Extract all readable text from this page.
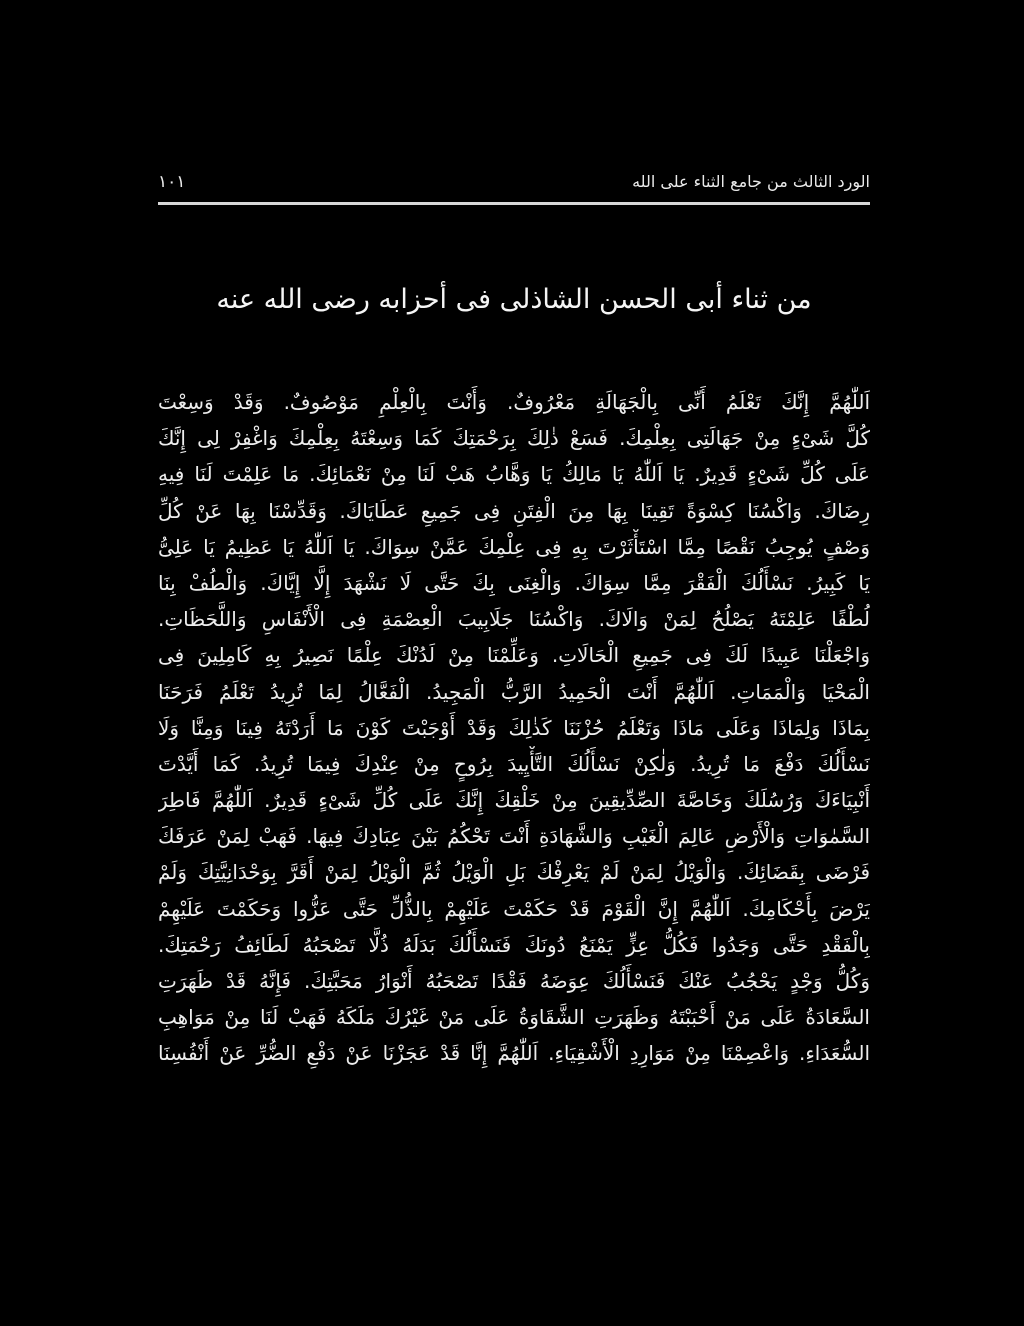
الورد الثالث من جامع الثناء على الله
١٠١
من ثناء أبى الحسن الشاذلى فى أحزابه رضى الله عنه
اَللّٰهُمَّ إِنَّكَ تَعْلَمُ أَنِّى بِالْجَهَالَةِ مَعْرُوفٌ. وَأَنْتَ بِالْعِلْمِ مَوْصُوفٌ. وَقَدْ وَسِعْتَ
كُلَّ شَىْءٍ مِنْ جَهَالَتِى بِعِلْمِكَ. فَسَعْ ذٰلِكَ بِرَحْمَتِكَ كَمَا وَسِعْتَهُ بِعِلْمِكَ وَاغْفِرْ لِى إِنَّكَ
عَلَى كُلِّ شَىْءٍ قَدِيرٌ. يَا اَللّٰهُ يَا مَالِكُ يَا وَهَّابُ هَبْ لَنَا مِنْ نَعْمَائِكَ. مَا عَلِمْتَ لَنَا فِيهِ
رِضَاكَ. وَاكْسُنَا كِسْوَةً تَقِينَا بِهَا مِنَ الْفِتَنِ فِى جَمِيعِ عَطَايَاكَ. وَقَدِّسْنَا بِهَا عَنْ كُلِّ
وَصْفٍ يُوجِبُ نَقْصًا مِمَّا اسْتَأْثَرْتَ بِهِ فِى عِلْمِكَ عَمَّنْ سِوَاكَ. يَا اَللّٰهُ يَا عَظِيمُ يَا عَلِىُّ
يَا كَبِيرُ. نَسْأَلُكَ الْفَقْرَ مِمَّا سِوَاكَ. وَالْغِنَى بِكَ حَتَّى لَا نَشْهَدَ إِلَّا إِيَّاكَ. وَالْطُفْ بِنَا
لُطْفًا عَلِمْتَهُ يَصْلُحُ لِمَنْ وَالَاكَ. وَاكْسُنَا جَلَابِيبَ الْعِصْمَةِ فِى الْأَنْفَاسِ وَاللَّحَظَاتِ.
وَاجْعَلْنَا عَبِيدًا لَكَ فِى جَمِيعِ الْحَالَاتِ. وَعَلِّمْنَا مِنْ لَدُنْكَ عِلْمًا نَصِيرُ بِهِ كَامِلِينَ فِى
الْمَحْيَا وَالْمَمَاتِ. اَللّٰهُمَّ أَنْتَ الْحَمِيدُ الرَّبُّ الْمَجِيدُ. الْفَعَّالُ لِمَا تُرِيدُ تَعْلَمُ فَرَحَنَا
بِمَاذَا وَلِمَاذَا وَعَلَى مَاذَا وَتَعْلَمُ حُزْنَنَا كَذٰلِكَ وَقَدْ أَوْجَبْتَ كَوْنَ مَا أَرَدْتَهُ فِينَا وَمِنَّا وَلَا
نَسْأَلُكَ دَفْعَ مَا تُرِيدُ. وَلٰكِنْ نَسْأَلُكَ التَّأْيِيدَ بِرُوحٍ مِنْ عِنْدِكَ فِيمَا تُرِيدُ. كَمَا أَيَّدْتَ
أَنْبِيَاءَكَ وَرُسُلَكَ وَخَاصَّةَ الصِّدِّيقِينَ مِنْ خَلْقِكَ إِنَّكَ عَلَى كُلِّ شَىْءٍ قَدِيرٌ. اَللّٰهُمَّ فَاطِرَ
السَّمٰوَاتِ وَالْأَرْضِ عَالِمَ الْغَيْبِ وَالشَّهَادَةِ أَنْتَ تَحْكُمُ بَيْنَ عِبَادِكَ فِيهَا. فَهَبْ لِمَنْ عَرَفَكَ
فَرْضَى بِقَضَائِكَ. وَالْوَيْلُ لِمَنْ لَمْ يَعْرِفْكَ بَلِ الْوَيْلُ ثُمَّ الْوَيْلُ لِمَنْ أَقَرَّ بِوَحْدَانِيَّتِكَ وَلَمْ
يَرْضَ بِأَحْكَامِكَ. اَللّٰهُمَّ إِنَّ الْقَوْمَ قَدْ حَكَمْتَ عَلَيْهِمْ بِالذُّلِّ حَتَّى عَزُّوا وَحَكَمْتَ عَلَيْهِمْ
بِالْفَقْدِ حَتَّى وَجَدُوا فَكُلُّ عِزٍّ يَمْنَعُ دُونَكَ فَنَسْأَلُكَ بَدَلَهُ ذُلًّا تَصْحَبُهُ لَطَائِفُ رَحْمَتِكَ.
وَكُلُّ وَجْدٍ يَحْجُبُ عَنْكَ فَنَسْأَلُكَ عِوَضَهُ فَقْدًا تَصْحَبُهُ أَنْوَارُ مَحَبَّتِكَ. فَإِنَّهُ قَدْ ظَهَرَتِ
السَّعَادَةُ عَلَى مَنْ أَحْبَبْتَهُ وَظَهَرَتِ الشَّقَاوَةُ عَلَى مَنْ غَيْرُكَ مَلَكَهُ فَهَبْ لَنَا مِنْ مَوَاهِبِ
السُّعَدَاءِ. وَاعْصِمْنَا مِنْ مَوَارِدِ الْأَشْقِيَاءِ. اَللّٰهُمَّ إِنَّا قَدْ عَجَزْنَا عَنْ دَفْعِ الضُّرِّ عَنْ أَنْفُسِنَا
